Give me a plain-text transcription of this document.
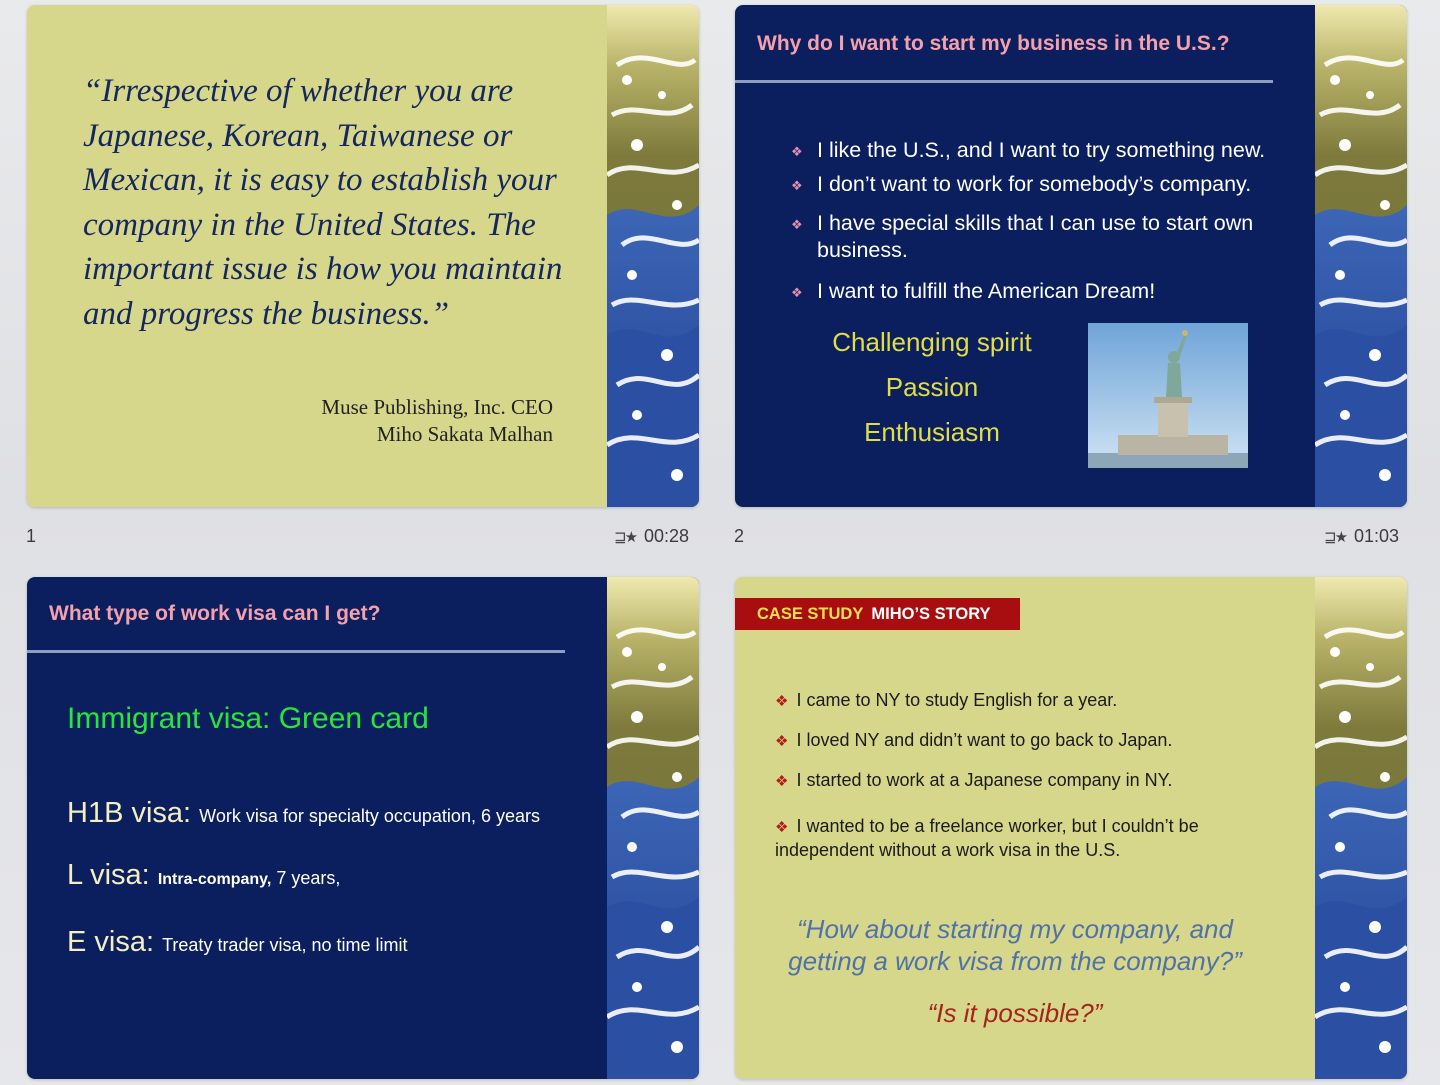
“Irrespective of whether you are Japanese, Korean, Taiwanese or Mexican, it is easy to establish your company in the United States. The important issue is how you maintain and progress the business.”
Muse Publishing, Inc. CEO
Miho Sakata Malhan
1	⊒★ 00:28
Why do I want to start my business in the U.S.?
❖ I like the U.S., and I want to try something new.
❖ I don’t want to work for somebody’s company.
❖ I have special skills that I can use to start own business.
❖ I want to fulfill the American Dream!
Challenging spirit
Passion
Enthusiasm
2	⊒★ 01:03
What type of work visa can I get?
Immigrant visa: Green card
H1B visa: Work visa for specialty occupation, 6 years
L visa: Intra-company, 7 years,
E visa: Treaty trader visa, no time limit
CASE STUDY MIHO’S STORY
❖ I came to NY to study English for a year.
❖ I loved NY and didn’t want to go back to Japan.
❖ I started to work at a Japanese company in NY.
❖ I wanted to be a freelance worker, but I couldn’t be independent without a work visa in the U.S.
“How about starting my company, and getting a work visa from the company?”
“Is it possible?”
